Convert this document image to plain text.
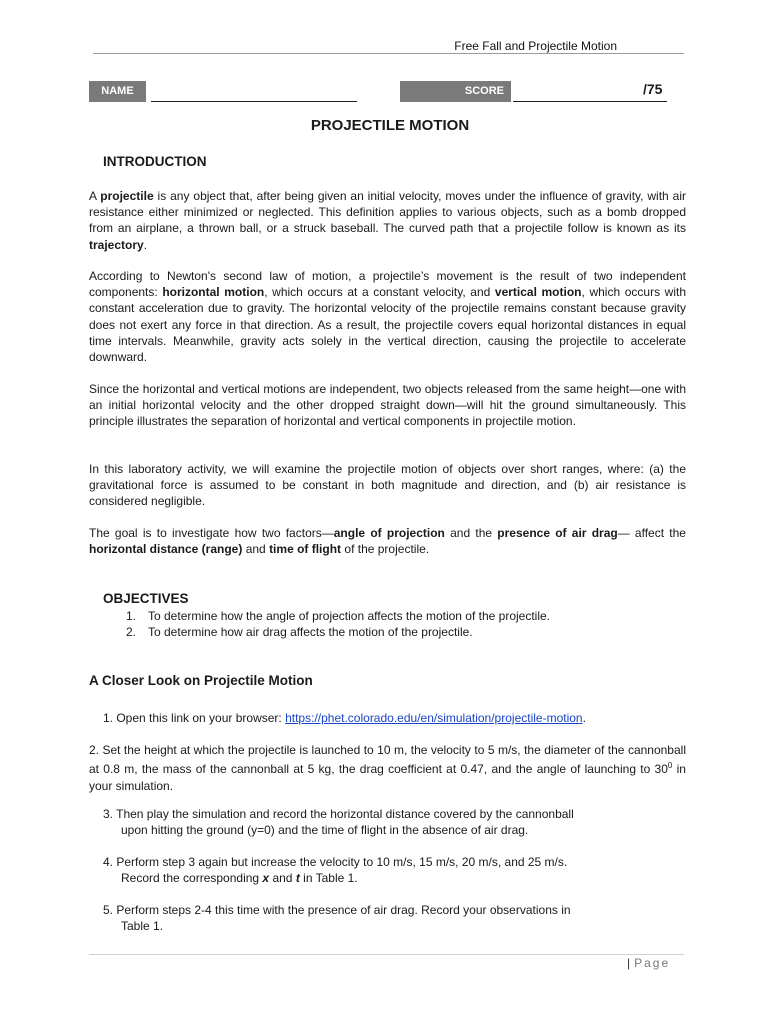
Free Fall and Projectile Motion
NAME	SCORE	/75
PROJECTILE MOTION
INTRODUCTION

A projectile is any object that, after being given an initial velocity, moves under the influence of gravity, with air resistance either minimized or neglected. This definition applies to various objects, such as a bomb dropped from an airplane, a thrown ball, or a struck baseball. The curved path that a projectile follow is known as its trajectory.

According to Newton's second law of motion, a projectile’s movement is the result of two independent components: horizontal motion, which occurs at a constant velocity, and vertical motion, which occurs with constant acceleration due to gravity. The horizontal velocity of the projectile remains constant because gravity does not exert any force in that direction. As a result, the projectile covers equal horizontal distances in equal time intervals. Meanwhile, gravity acts solely in the vertical direction, causing the projectile to accelerate downward.

Since the horizontal and vertical motions are independent, two objects released from the same height—one with an initial horizontal velocity and the other dropped straight down—will hit the ground simultaneously. This principle illustrates the separation of horizontal and vertical components in projectile motion.
In this laboratory activity, we will examine the projectile motion of objects over short ranges, where: (a) the gravitational force is assumed to be constant in both magnitude and direction, and (b) air resistance is considered negligible.

The goal is to investigate how two factors—angle of projection and the presence of air drag— affect the horizontal distance (range) and time of flight of the projectile.

OBJECTIVES
1. To determine how the angle of projection affects the motion of the projectile.
2. To determine how air drag affects the motion of the projectile.
A Closer Look on Projectile Motion
1. Open this link on your browser: https://phet.colorado.edu/en/simulation/projectile-motion.

2. Set the height at which the projectile is launched to 10 m, the velocity to 5 m/s, the diameter of the cannonball at 0.8 m, the mass of the cannonball at 5 kg, the drag coefficient at 0.47, and the angle of launching to $30^0$ in your simulation.

3. Then play the simulation and record the horizontal distance covered by the cannonball
upon hitting the ground (y=0) and the time of flight in the absence of air drag.
4. Perform step 3 again but increase the velocity to 10 m/s, 15 m/s, 20 m/s, and 25 m/s.
Record the corresponding x and t in Table 1.
5. Perform steps 2-4 this time with the presence of air drag. Record your observations in
Table 1.
| Page
